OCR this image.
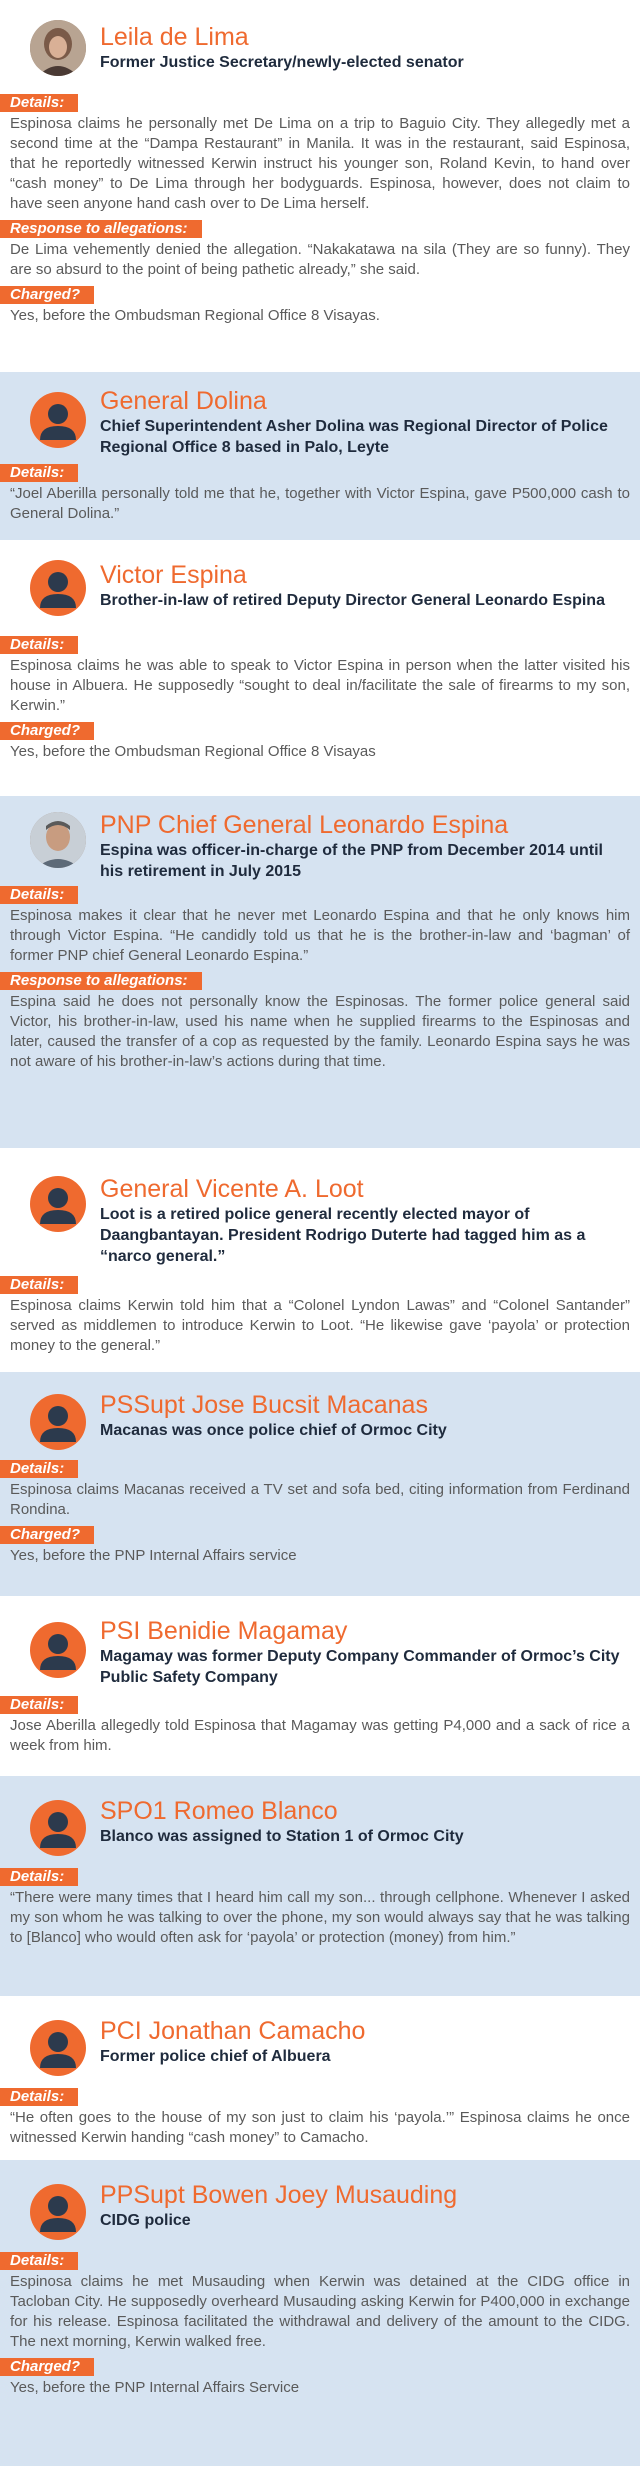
Leila de Lima
Former Justice Secretary/newly-elected senator
Details:

Espinosa claims he personally met De Lima on a trip to Baguio City. They allegedly met a second time at the “Dampa Restaurant” in Manila. It was in the restaurant, said Espinosa, that he reportedly witnessed Kerwin instruct his younger son, Roland Kevin, to hand over “cash money” to De Lima through her bodyguards. Espinosa, however, does not claim to have seen anyone hand cash over to De Lima herself.

Response to allegations:

De Lima vehemently denied the allegation. “Nakakatawa na sila (They are so funny). They are so absurd to the point of being pathetic already,” she said.

Charged?

Yes, before the Ombudsman Regional Office 8 Visayas.

General Dolina
Chief Superintendent Asher Dolina was Regional Director of Police Regional Office 8 based in Palo, Leyte
Details:

“Joel Aberilla personally told me that he, together with Victor Espina, gave P500,000 cash to General Dolina.”

Victor Espina
Brother-in-law of retired Deputy Director General Leonardo Espina
Details:

Espinosa claims he was able to speak to Victor Espina in person when the latter visited his house in Albuera. He supposedly “sought to deal in/facilitate the sale of firearms to my son, Kerwin.”

Charged?

Yes, before the Ombudsman Regional Office 8 Visayas

PNP Chief General Leonardo Espina
Espina was officer-in-charge of the PNP from December 2014 until his retirement in July 2015
Details:

Espinosa makes it clear that he never met Leonardo Espina and that he only knows him through Victor Espina. “He candidly told us that he is the brother-in-law and ‘bagman’ of former PNP chief General Leonardo Espina.”

Response to allegations:

Espina said he does not personally know the Espinosas. The former police general said Victor, his brother-in-law, used his name when he supplied firearms to the Espinosas and later, caused the transfer of a cop as requested by the family. Leonardo Espina says he was not aware of his brother-in-law’s actions during that time.

General Vicente A. Loot
Loot is a retired police general recently elected mayor of Daangbantayan. President Rodrigo Duterte had tagged him as a “narco general.”
Details:

Espinosa claims Kerwin told him that a “Colonel Lyndon Lawas” and “Colonel Santander” served as middlemen to introduce Kerwin to Loot. “He likewise gave ‘payola’ or protection money to the general.”

PSSupt Jose Bucsit Macanas
Macanas was once police chief of Ormoc City
Details:

Espinosa claims Macanas received a TV set and sofa bed, citing information from Ferdinand Rondina.

Charged?

Yes, before the PNP Internal Affairs service

PSI Benidie Magamay
Magamay was former Deputy Company Commander of Ormoc’s City Public Safety Company
Details:

Jose Aberilla allegedly told Espinosa that Magamay was getting P4,000 and a sack of rice a week from him.

SPO1 Romeo Blanco
Blanco was assigned to Station 1 of Ormoc City
Details:

“There were many times that I heard him call my son... through cellphone. Whenever I asked my son whom he was talking to over the phone, my son would always say that he was talking to [Blanco] who would often ask for ‘payola’ or protection (money) from him.”

PCI Jonathan Camacho
Former police chief of Albuera
Details:

“He often goes to the house of my son just to claim his ‘payola.’” Espinosa claims he once witnessed Kerwin handing “cash money” to Camacho.

PPSupt Bowen Joey Musauding
CIDG police
Details:

Espinosa claims he met Musauding when Kerwin was detained at the CIDG office in Tacloban City. He supposedly overheard Musauding asking Kerwin for P400,000 in exchange for his release. Espinosa facilitated the withdrawal and delivery of the amount to the CIDG. The next morning, Kerwin walked free.

Charged?

Yes, before the PNP Internal Affairs Service
